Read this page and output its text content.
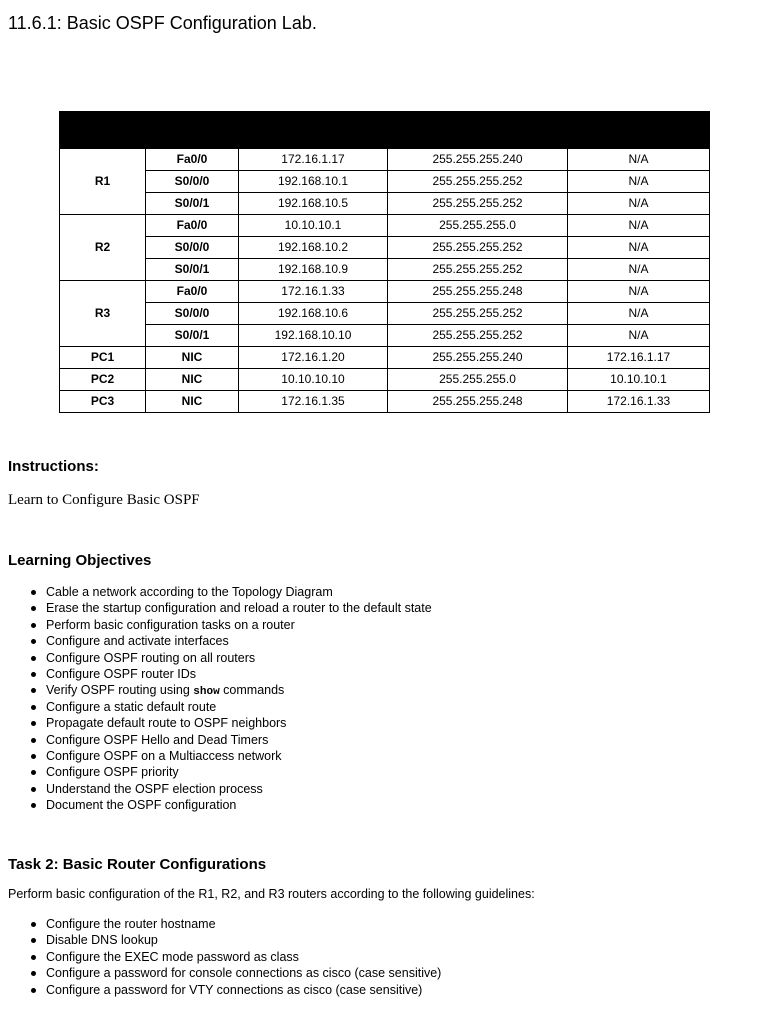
11.6.1: Basic OSPF Configuration Lab.

R1	Fa0/0	172.16.1.17	255.255.255.240	N/A
	S0/0/0	192.168.10.1	255.255.255.252	N/A
	S0/0/1	192.168.10.5	255.255.255.252	N/A
R2	Fa0/0	10.10.10.1	255.255.255.0	N/A
	S0/0/0	192.168.10.2	255.255.255.252	N/A
	S0/0/1	192.168.10.9	255.255.255.252	N/A
R3	Fa0/0	172.16.1.33	255.255.255.248	N/A
	S0/0/0	192.168.10.6	255.255.255.252	N/A
	S0/0/1	192.168.10.10	255.255.255.252	N/A
PC1	NIC	172.16.1.20	255.255.255.240	172.16.1.17
PC2	NIC	10.10.10.10	255.255.255.0	10.10.10.1
PC3	NIC	172.16.1.35	255.255.255.248	172.16.1.33
Instructions:

Learn to Configure Basic OSPF

Learning Objectives
Cable a network according to the Topology Diagram
Erase the startup configuration and reload a router to the default state
Perform basic configuration tasks on a router
Configure and activate interfaces
Configure OSPF routing on all routers
Configure OSPF router IDs
Verify OSPF routing using show commands
Configure a static default route
Propagate default route to OSPF neighbors
Configure OSPF Hello and Dead Timers
Configure OSPF on a Multiaccess network
Configure OSPF priority
Understand the OSPF election process
Document the OSPF configuration
Task 2: Basic Router Configurations

Perform basic configuration of the R1, R2, and R3 routers according to the following guidelines:

Configure the router hostname
Disable DNS lookup
Configure the EXEC mode password as class
Configure a password for console connections as cisco (case sensitive)
Configure a password for VTY connections as cisco (case sensitive)
